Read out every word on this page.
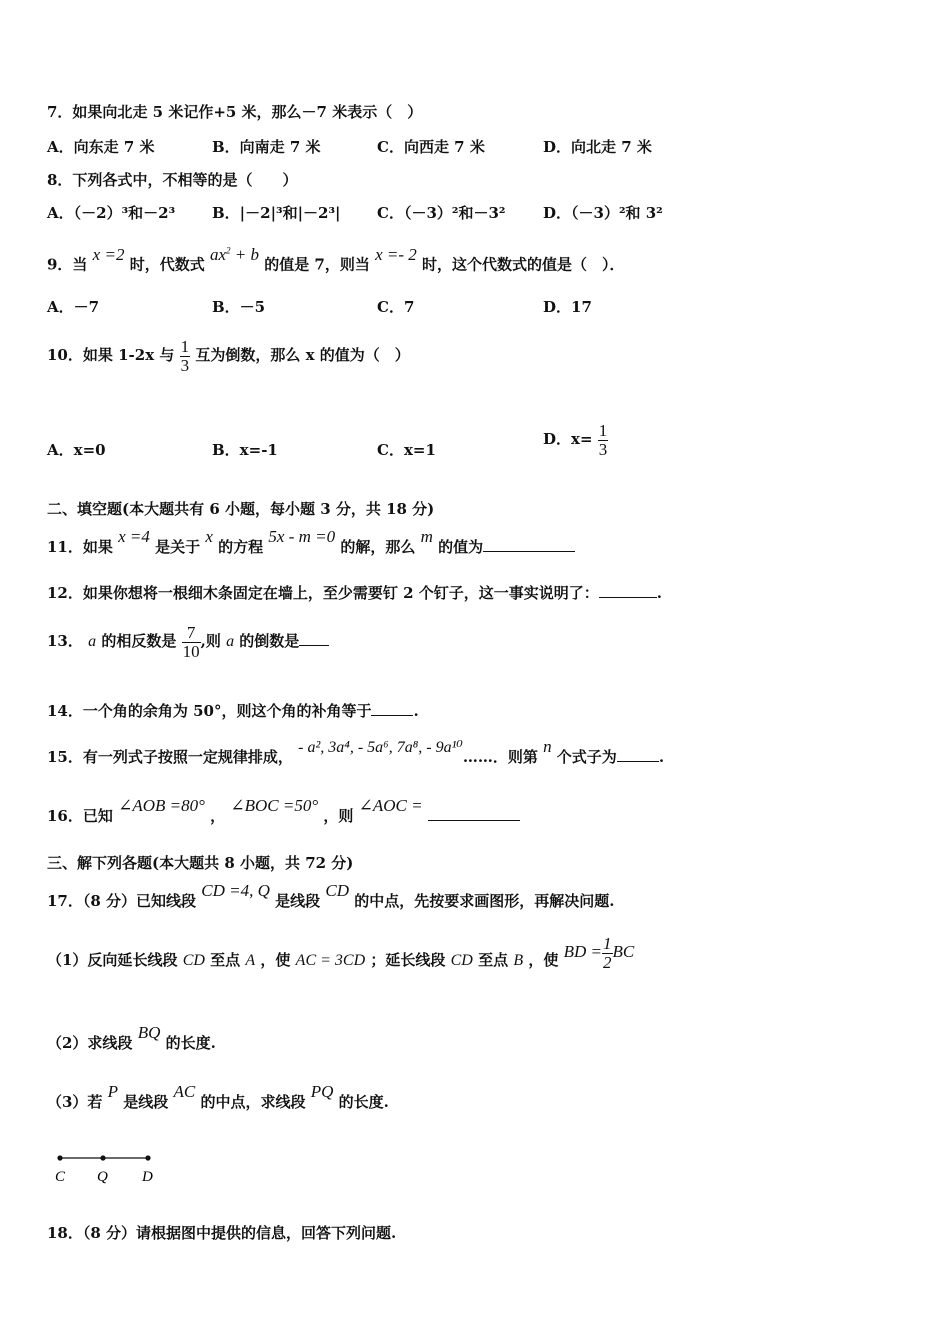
7．如果向北走 5 米记作+5 米，那么－7 米表示（　）
A．向东走 7 米	B．向南走 7 米	C．向西走 7 米	D．向北走 7 米
8．下列各式中，不相等的是（　　）
A．（－2）³和－2³ B．|－2|³和|－2³| C．（－3）²和－3²	D．（－3）²和 3²
9．当 x =2 时，代数式 $ax^2 + b$ 的值是 7，则当 x =- 2 时，这个代数式的值是（　）．
A．－7	B．－5	C．7	D．17
10．如果 1-2x 与 $\frac{1}{3}$ 互为倒数，那么 x 的值为（　）
A．x=0	B．x=-1	C．x=1
D．$x= \frac{1}{3}$
二、填空题(本大题共有 6 小题，每小题 3 分，共 18 分)
11．如果 x =4 是关于 x 的方程 5x - m =0 的解，那么 m 的值为
12．如果你想将一根细木条固定在墙上，至少需要钉 2 个钉子，这一事实说明了：	.
13． a 的相反数是 $\frac{7}{10}$ ,则 a 的倒数是
14．一个角的余角为 50°，则这个角的补角等于	.
15．有一列式子按照一定规律排成， - a², 3a⁴, - 5a⁶, 7a⁸, - 9a¹⁰……．则第 n 个式子为	.
16．已知 ∠AOB =80° ， ∠BOC =50° ，则 ∠AOC =
三、解下列各题(本大题共 8 小题，共 72 分)
17．（8 分）已知线段 CD =4, Q 是线段 CD 的中点，先按要求画图形，再解决问题.
（1）反向延长线段 CD 至点 A ，使 AC = 3CD ；延长线段 CD 至点 B ，使 BD = $\frac{1}{2}$ BC
（2）求线段 BQ 的长度.
（3）若 P 是线段 AC 的中点，求线段 PQ 的长度.
C Q D
18．（8 分）请根据图中提供的信息，回答下列问题.
